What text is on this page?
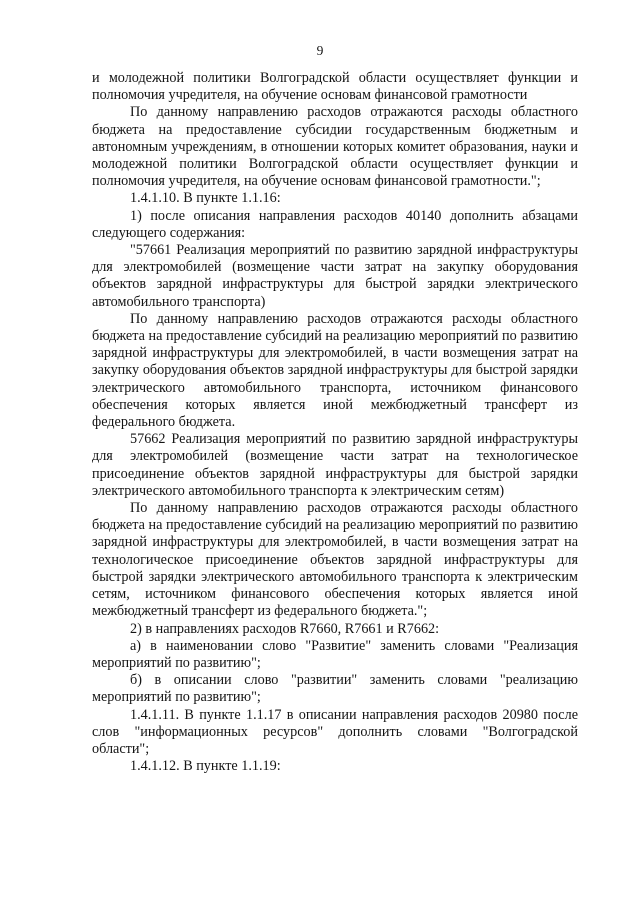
9

и молодежной политики Волгоградской области осуществляет функции и полномочия учредителя, на обучение основам финансовой грамотности

По данному направлению расходов отражаются расходы областного бюджета на предоставление субсидии государственным бюджетным и автономным учреждениям, в отношении которых комитет образования, науки и молодежной политики Волгоградской области осуществляет функции и полномочия учредителя, на обучение основам финансовой грамотности.";

1.4.1.10. В пункте 1.1.16:

1) после описания направления расходов 40140 дополнить абзацами следующего содержания:

"57661 Реализация мероприятий по развитию зарядной инфраструктуры для электромобилей (возмещение части затрат на закупку оборудования объектов зарядной инфраструктуры для быстрой зарядки электрического автомобильного транспорта)

По данному направлению расходов отражаются расходы областного бюджета на предоставление субсидий на реализацию мероприятий по развитию зарядной инфраструктуры для электромобилей, в части возмещения затрат на закупку оборудования объектов зарядной инфраструктуры для быстрой зарядки электрического автомобильного транспорта, источником финансового обеспечения которых является иной межбюджетный трансферт из федерального бюджета.

57662 Реализация мероприятий по развитию зарядной инфраструктуры для электромобилей (возмещение части затрат на технологическое присоединение объектов зарядной инфраструктуры для быстрой зарядки электрического автомобильного транспорта к электрическим сетям)

По данному направлению расходов отражаются расходы областного бюджета на предоставление субсидий на реализацию мероприятий по развитию зарядной инфраструктуры для электромобилей, в части возмещения затрат на технологическое присоединение объектов зарядной инфраструктуры для быстрой зарядки электрического автомобильного транспорта к электрическим сетям, источником финансового обеспечения которых является иной межбюджетный трансферт из федерального бюджета.";

2) в направлениях расходов R7660, R7661 и R7662:

а) в наименовании слово "Развитие" заменить словами "Реализация мероприятий по развитию";

б) в описании слово "развитии" заменить словами "реализацию мероприятий по развитию";

1.4.1.11. В пункте 1.1.17 в описании направления расходов 20980 после слов "информационных ресурсов" дополнить словами "Волгоградской области";

1.4.1.12. В пункте 1.1.19:
